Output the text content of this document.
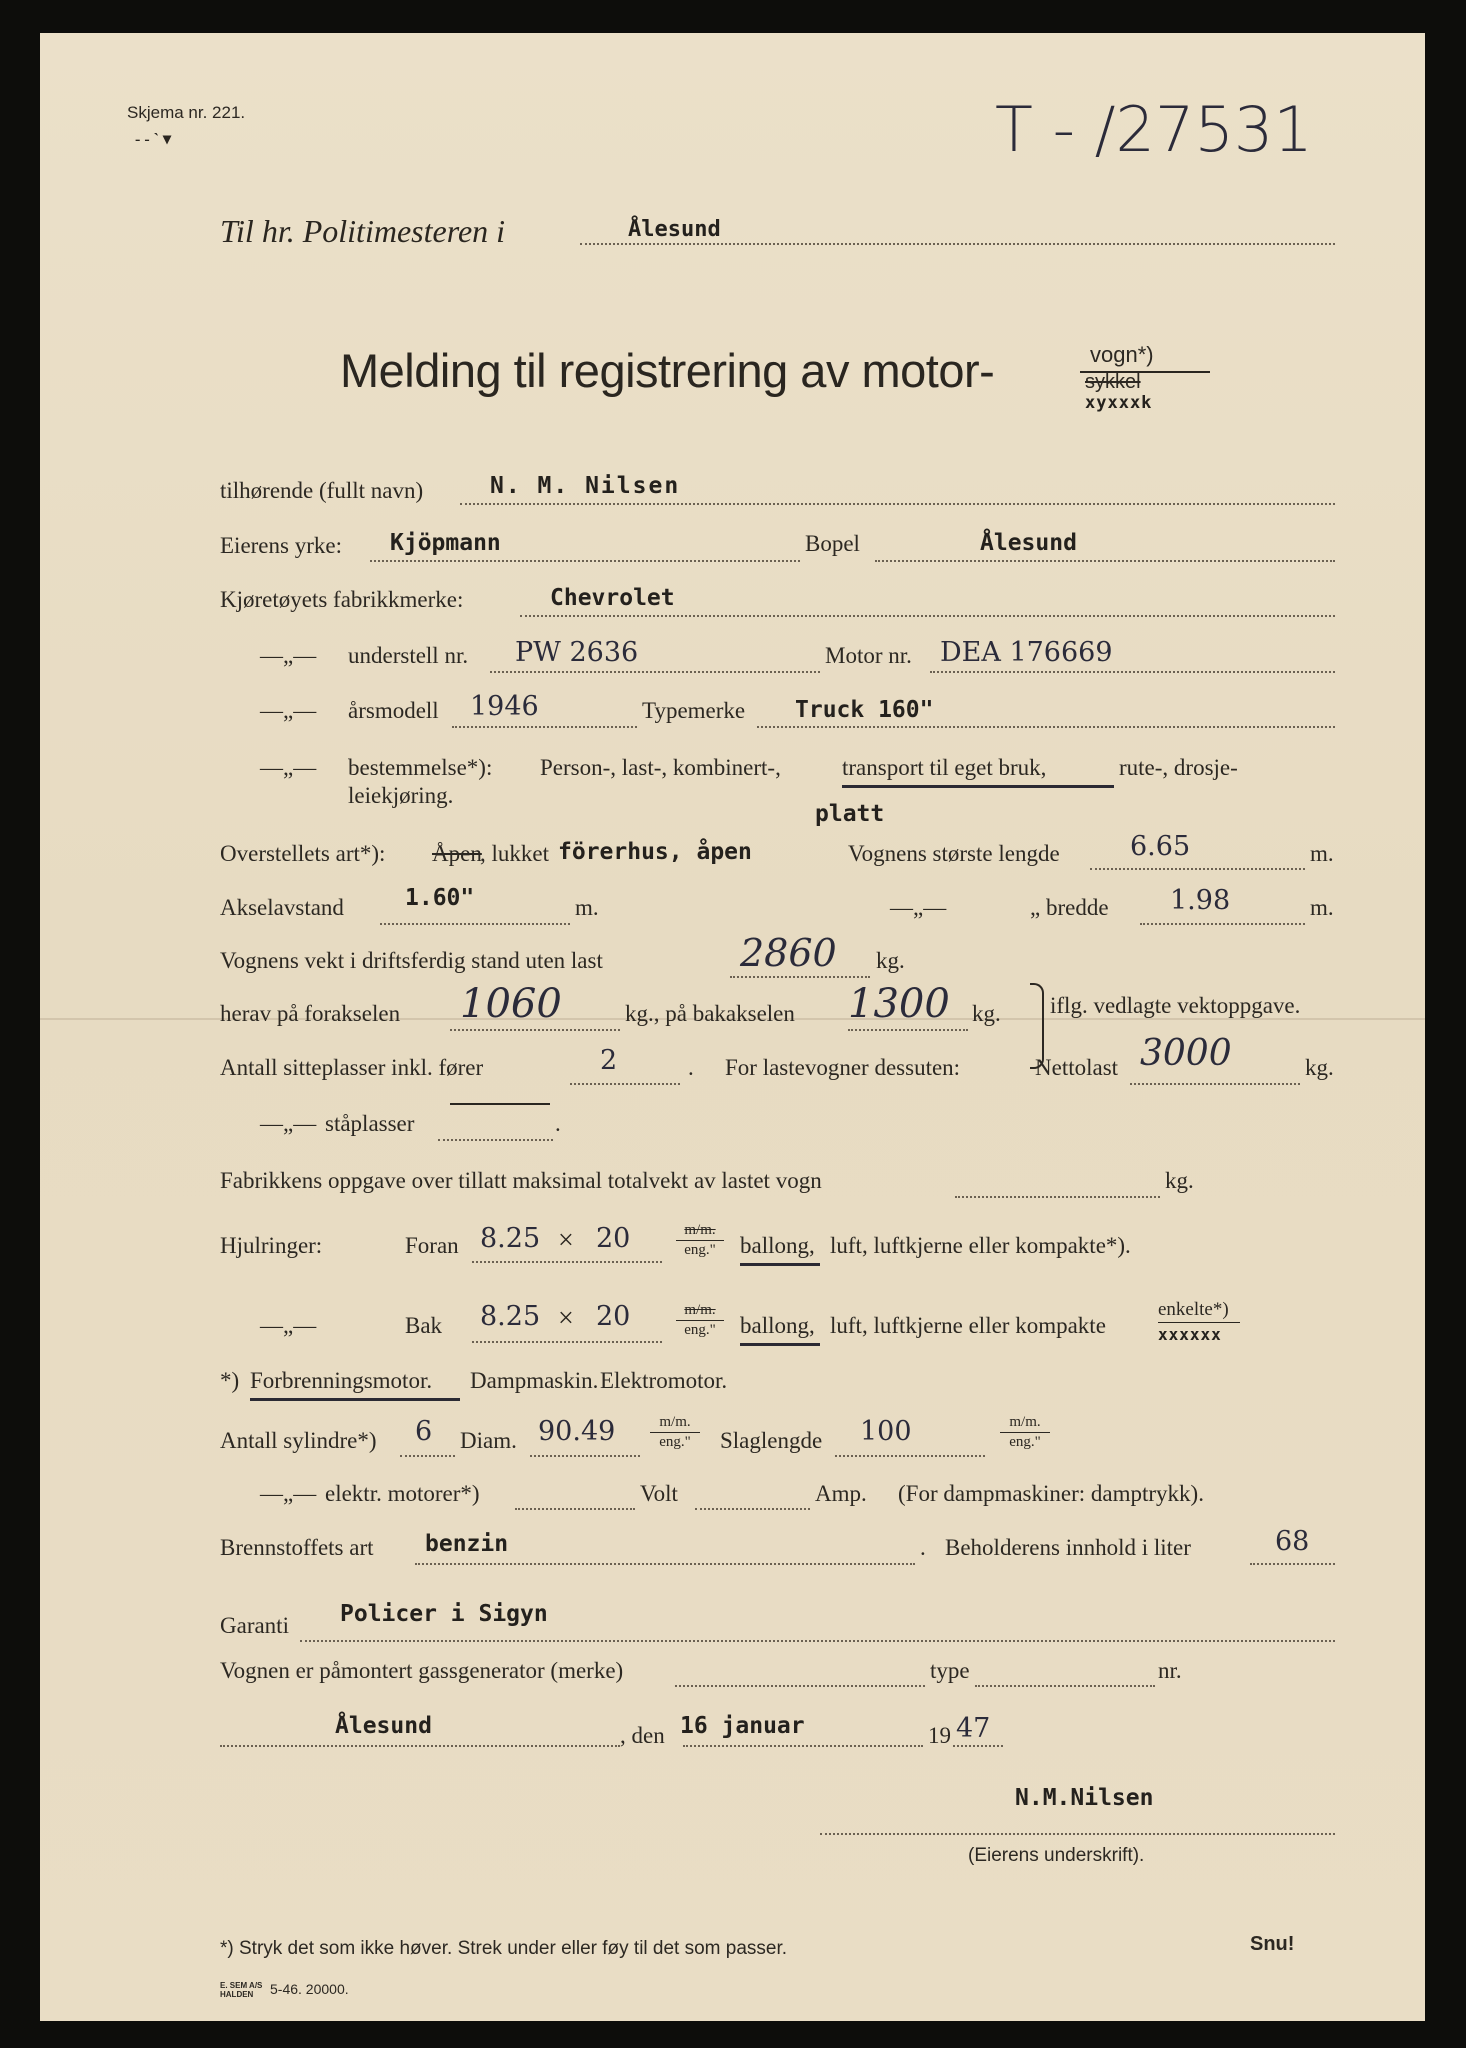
Skjema nr. 221.
- - ` ▾	T - /27531
Til hr. Politimesteren i	Ålesund
Melding til registrering av motor-	vogn*)
sykkel
xyxxxk
tilhørende (fullt navn)	N. M. Nilsen
Eierens yrke: Kjöpmann	Bopel	Ålesund
Kjøretøyets fabrikkmerke:	Chevrolet
—„— understell nr. PW 2636	Motor nr. DEA 176669
—„— årsmodell 1946	Typemerke Truck 160"
—„— bestemmelse*): Person-, last-, kombinert-,	transport til eget bruk,	rute-, drosje-
leiekjøring.
platt
Overstellets art*): Åpen
, lukket förerhus, åpen	Vognens største lengde	6.65	m.
Akselavstand	1.60"	m.	—„—	„ bredde 1.98	m.
Vognens vekt i driftsferdig stand uten last	2860 kg.
herav på forakselen 1060	kg., på bakakselen 1300 kg. iflg. vedlagte vektoppgave.
Antall sitteplasser inkl. fører	2	. For lastevogner dessuten:	Nettolast 3000	kg.
—„— ståplasser	.
Fabrikkens oppgave over tillatt maksimal totalvekt av lastet vogn	kg.
Hjulringer:	Foran 8.25 × 20	m/m.
eng."	ballong, luft, luftkjerne eller kompakte*).
—„—	Bak 8.25 × 20	m/m.
eng."	ballong, luft, luftkjerne eller kompakte
enkelte*)
xxxxxx
*) Forbrenningsmotor. Dampmaskin. Elektromotor.
Antall sylindre*) 6 Diam. 90.49	m/m.
eng."	Slaglengde 100	m/m.
eng."
—„— elektr. motorer*)	Volt	Amp. (For dampmaskiner: damptrykk).
Brennstoffets art benzin	. Beholderens innhold i liter	68
Garanti Policer i Sigyn
Vognen er påmontert gassgenerator (merke)	type	nr.
Ålesund	, den 16 januar	19 47
N.M.Nilsen
(Eierens underskrift).
*) Stryk det som ikke høver. Strek under eller føy til det som passer.	Snu!
E. SEM A/S
HALDEN	5-46. 20000.
